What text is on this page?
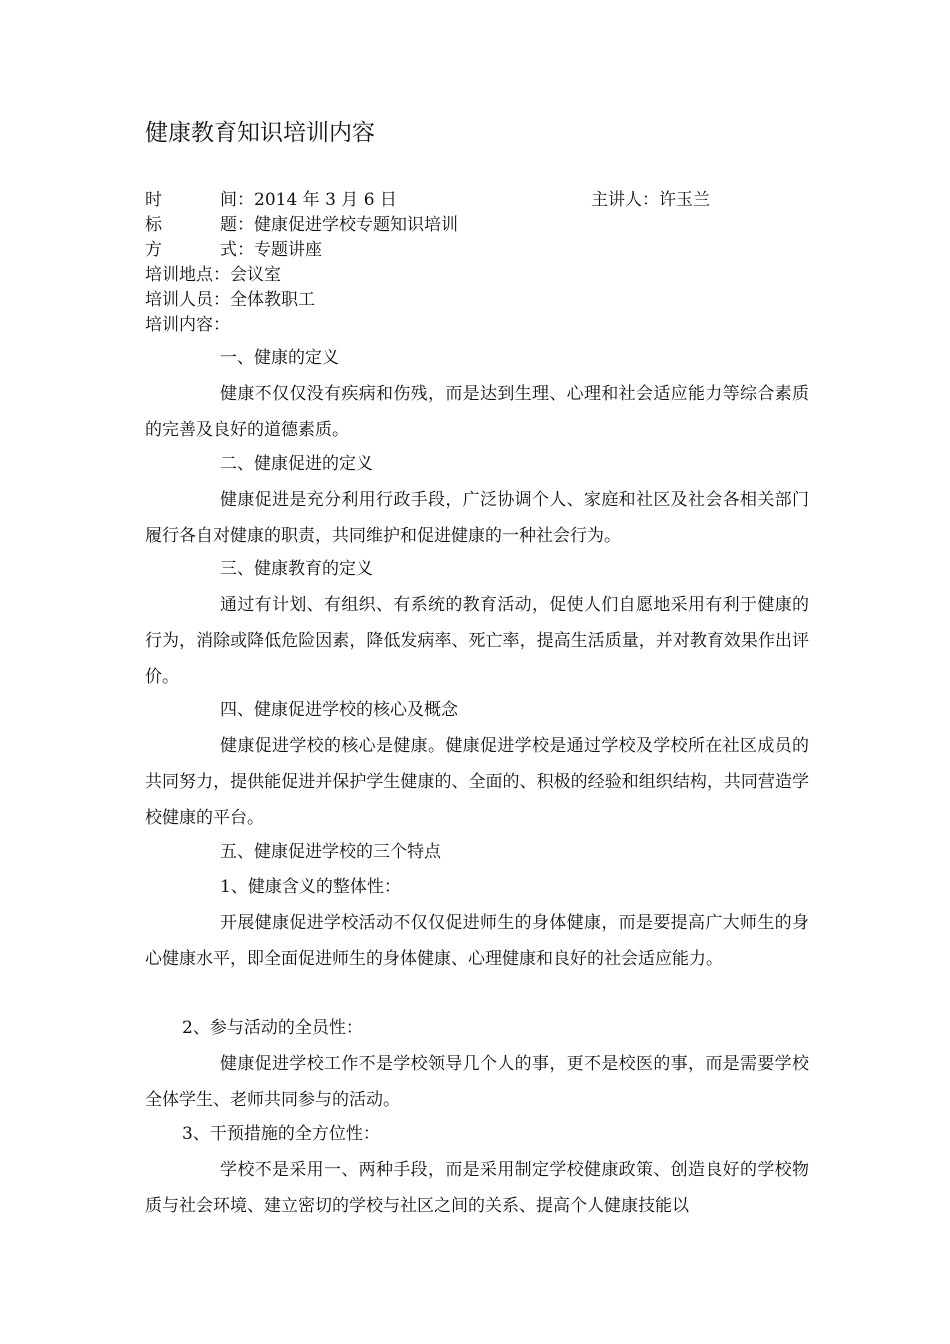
健康教育知识培训内容
时	间 ：2014 年 3 月 6 日	主讲人：许玉兰
标	题 ：健康促进学校专题知识培训
方	式 ：专题讲座
培训地点：会议室
培训人员：全体教职工
培训内容：
一、健康的定义

健康不仅仅没有疾病和伤残，而是达到生理、心理和社会适应能力等综合素质的完善及良好的道德素质。

二、健康促进的定义

健康促进是充分利用行政手段，广泛协调个人、家庭和社区及社会各相关部门履行各自对健康的职责，共同维护和促进健康的一种社会行为。

三、健康教育的定义

通过有计划、有组织、有系统的教育活动，促使人们自愿地采用有利于健康的行为，消除或降低危险因素，降低发病率、死亡率，提高生活质量，并对教育效果作出评价。

四、健康促进学校的核心及概念

健康促进学校的核心是健康。健康促进学校是通过学校及学校所在社区成员的共同努力，提供能促进并保护学生健康的、全面的、积极的经验和组织结构，共同营造学校健康的平台。

五、健康促进学校的三个特点
1、健康含义的整体性：

开展健康促进学校活动不仅仅促进师生的身体健康，而是要提高广大师生的身心健康水平，即全面促进师生的身体健康、心理健康和良好的社会适应能力。

2、参与活动的全员性：

健康促进学校工作不是学校领导几个人的事，更不是校医的事，而是需要学校全体学生、老师共同参与的活动。

3、干预措施的全方位性：

学校不是采用一、两种手段，而是采用制定学校健康政策、创造良好的学校物质与社会环境、建立密切的学校与社区之间的关系、提高个人健康技能以
